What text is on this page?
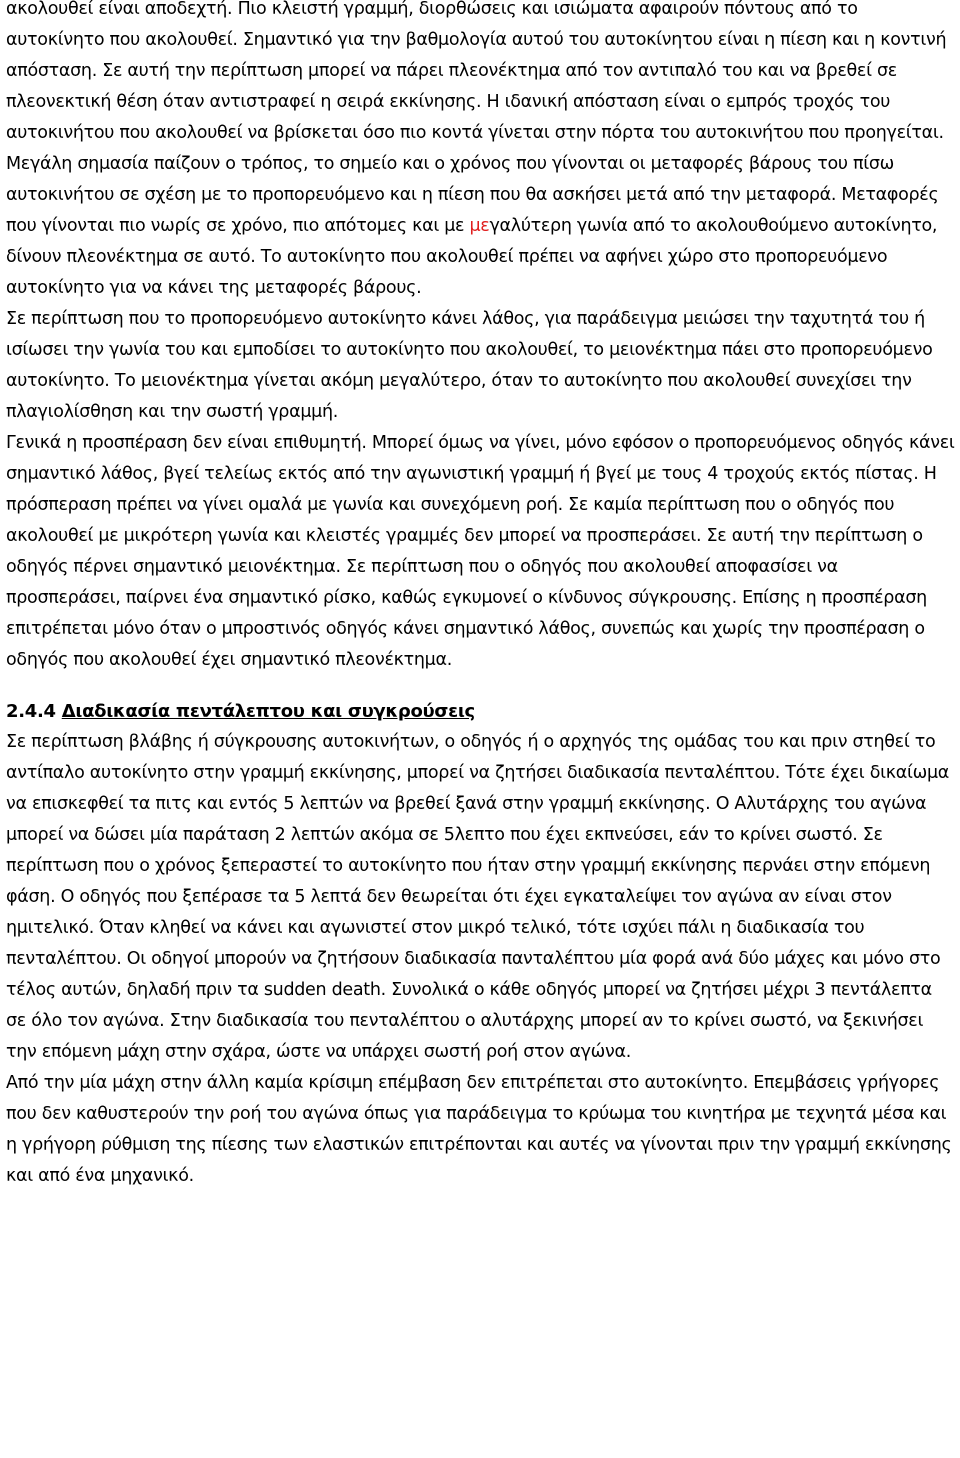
ακολουθεί είναι αποδεχτή. Πιο κλειστή γραμμή, διορθώσεις και ισιώματα αφαιρούν πόντους από το αυτοκίνητο που ακολουθεί. Σημαντικό για την βαθμολογία αυτού του αυτοκίνητου είναι η πίεση και η κοντινή απόσταση. Σε αυτή την περίπτωση μπορεί να πάρει πλεονέκτημα από τον αντιπαλό του και να βρεθεί σε πλεονεκτική θέση όταν αντιστραφεί η σειρά εκκίνησης. Η ιδανική απόσταση είναι ο εμπρός τροχός του αυτοκινήτου που ακολουθεί να βρίσκεται όσο πιο κοντά γίνεται στην πόρτα του αυτοκινήτου που προηγείται.

Μεγάλη σημασία παίζουν ο τρόπος, το σημείο και ο χρόνος που γίνονται οι μεταφορές βάρους του πίσω αυτοκινήτου σε σχέση με το προπορευόμενο και η πίεση που θα ασκήσει μετά από την μεταφορά. Μεταφορές που γίνονται πιο νωρίς σε χρόνο, πιο απότομες και με μεγαλύτερη γωνία από το ακολουθούμενο αυτοκίνητο, δίνουν πλεονέκτημα σε αυτό. Το αυτοκίνητο που ακολουθεί πρέπει να αφήνει χώρο στο προπορευόμενο αυτοκίνητο για να κάνει της μεταφορές βάρους.

Σε περίπτωση που το προπορευόμενο αυτοκίνητο κάνει λάθος, για παράδειγμα μειώσει την ταχυτητά του ή ισίωσει την γωνία του και εμποδίσει το αυτοκίνητο που ακολουθεί, το μειονέκτημα πάει στο προπορευόμενο αυτοκίνητο. Το μειονέκτημα γίνεται ακόμη μεγαλύτερο, όταν το αυτοκίνητο που ακολουθεί συνεχίσει την πλαγιολίσθηση και την σωστή γραμμή.

Γενικά η προσπέραση δεν είναι επιθυμητή. Μπορεί όμως να γίνει, μόνο εφόσον ο προπορευόμενος οδηγός κάνει σημαντικό λάθος, βγεί τελείως εκτός από την αγωνιστική γραμμή ή βγεί με τους 4 τροχούς εκτός πίστας. Η πρόσπεραση πρέπει να γίνει ομαλά με γωνία και συνεχόμενη ροή. Σε καμία περίπτωση που ο οδηγός που ακολουθεί με μικρότερη γωνία και κλειστές γραμμές δεν μπορεί να προσπεράσει. Σε αυτή την περίπτωση ο οδηγός πέρνει σημαντικό μειονέκτημα. Σε περίπτωση που ο οδηγός που ακολουθεί αποφασίσει να προσπεράσει, παίρνει ένα σημαντικό ρίσκο, καθώς εγκυμονεί ο κίνδυνος σύγκρουσης. Επίσης η προσπέραση επιτρέπεται μόνο όταν ο μπροστινός οδηγός κάνει σημαντικό λάθος, συνεπώς και χωρίς την προσπέραση ο οδηγός που ακολουθεί έχει σημαντικό πλεονέκτημα.

2.4.4 Διαδικασία πεντάλεπτου και συγκρούσεις

Σε περίπτωση βλάβης ή σύγκρουσης αυτοκινήτων, ο οδηγός ή ο αρχηγός της ομάδας του και πριν στηθεί το αντίπαλο αυτοκίνητο στην γραμμή εκκίνησης, μπορεί να ζητήσει διαδικασία πενταλέπτου. Τότε έχει δικαίωμα να επισκεφθεί τα πιτς και εντός 5 λεπτών να βρεθεί ξανά στην γραμμή εκκίνησης. Ο Αλυτάρχης του αγώνα μπορεί να δώσει μία παράταση 2 λεπτών ακόμα σε 5λεπτο που έχει εκπνεύσει, εάν το κρίνει σωστό. Σε περίπτωση που ο χρόνος ξεπεραστεί το αυτοκίνητο που ήταν στην γραμμή εκκίνησης περνάει στην επόμενη φάση. Ο οδηγός που ξεπέρασε τα 5 λεπτά δεν θεωρείται ότι έχει εγκαταλείψει τον αγώνα αν είναι στον ημιτελικό. Όταν κληθεί να κάνει και αγωνιστεί στον μικρό τελικό, τότε ισχύει πάλι η διαδικασία του πενταλέπτου. Οι οδηγοί μπορούν να ζητήσουν διαδικασία πανταλέπτου μία φορά ανά δύο μάχες και μόνο στο τέλος αυτών, δηλαδή πριν τα sudden death. Συνολικά ο κάθε οδηγός μπορεί να ζητήσει μέχρι 3 πεντάλεπτα σε όλο τον αγώνα. Στην διαδικασία του πενταλέπτου ο αλυτάρχης μπορεί αν το κρίνει σωστό, να ξεκινήσει την επόμενη μάχη στην σχάρα, ώστε να υπάρχει σωστή ροή στον αγώνα.

Από την μία μάχη στην άλλη καμία κρίσιμη επέμβαση δεν επιτρέπεται στο αυτοκίνητο. Επεμβάσεις γρήγορες που δεν καθυστερούν την ροή του αγώνα όπως για παράδειγμα το κρύωμα του κινητήρα με τεχνητά μέσα και η γρήγορη ρύθμιση της πίεσης των ελαστικών επιτρέπονται και αυτές να γίνονται πριν την γραμμή εκκίνησης και από ένα μηχανικό.
